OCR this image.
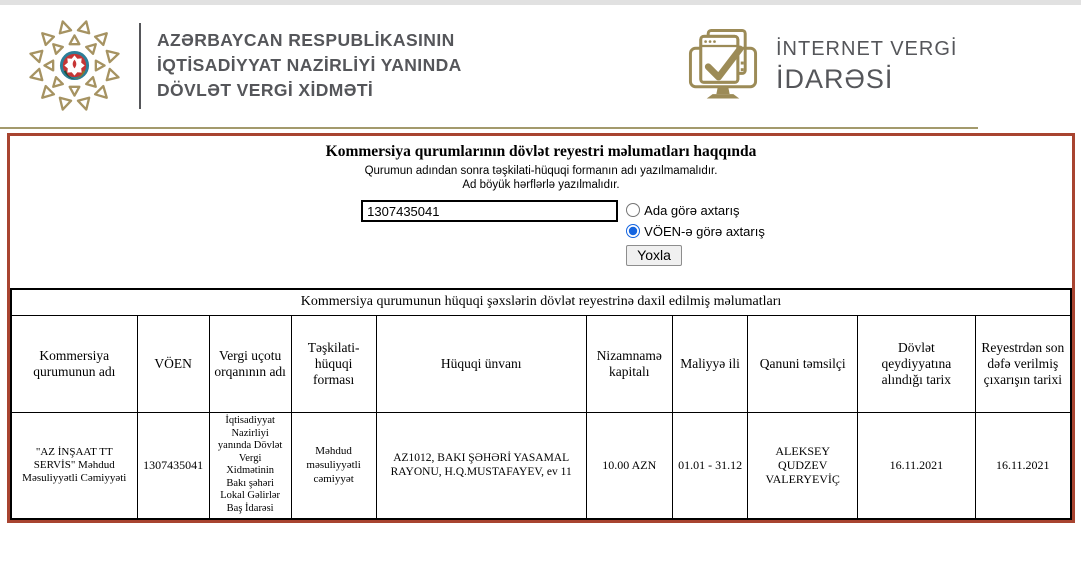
AZƏRBAYCAN RESPUBLİKASININ
İQTİSADİYYAT NAZİRLİYİ YANINDA
DÖVLƏT VERGİ XİDMƏTİ
İNTERNET VERGİ
İDARƏSİ
Kommersiya qurumlarının dövlət reyestri məlumatları haqqında
Qurumun adından sonra təşkilati-hüquqi formanın adı yazılmamalıdır.
Ad böyük hərflərlə yazılmalıdır.
1307435041
Ada görə axtarış
VÖEN-ə görə axtarış
Yoxla
Kommersiya qurumunun hüquqi şəxslərin dövlət reyestrinə daxil edilmiş məlumatları									
Kommersiya qurumunun adı	VÖEN	Vergi uçotu orqanının adı	Təşkilati-hüquqi forması	Hüquqi ünvanı	Nizamnamə kapitalı	Maliyyə ili	Qanuni təmsilçi	Dövlət qeydiyyatına alındığı tarix	Reyestrdən son dəfə verilmiş çıxarışın tarixi
"AZ İNŞAAT TT SERVİS" Məhdud Məsuliyyətli Cəmiyyəti	1307435041	İqtisadiyyat Nazirliyi yanında Dövlət Vergi Xidmətinin Bakı şəhəri Lokal Gəlirlər Baş İdarəsi	Məhdud məsuliyyətli cəmiyyət	AZ1012, BAKI ŞƏHƏRİ YASAMAL RAYONU, H.Q.MUSTAFAYEV, ev 11	10.00 AZN	01.01 - 31.12	ALEKSEY QUDZEV VALERYEVİÇ	16.11.2021	16.11.2021
